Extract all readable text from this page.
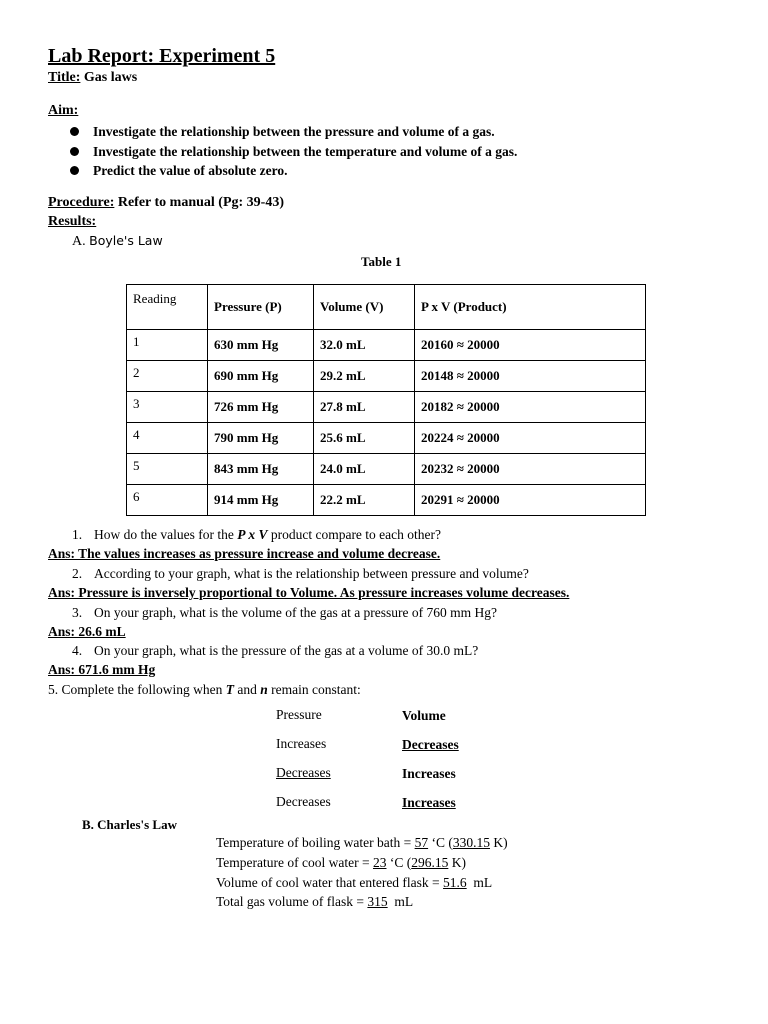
Lab Report: Experiment 5
Title: Gas laws
Aim:
Investigate the relationship between the pressure and volume of a gas.
Investigate the relationship between the temperature and volume of a gas.
Predict the value of absolute zero.
Procedure: Refer to manual (Pg: 39-43)
Results:
A. Boyle's Law
Table 1
Reading	Pressure (P)	Volume (V)	P x V (Product)
1	630 mm Hg	32.0 mL	20160 ≈ 20000
2	690 mm Hg	29.2 mL	20148 ≈ 20000
3	726 mm Hg	27.8 mL	20182 ≈ 20000
4	790 mm Hg	25.6 mL	20224 ≈ 20000
5	843 mm Hg	24.0 mL	20232 ≈ 20000
6	914 mm Hg	22.2 mL	20291 ≈ 20000
1. How do the values for the P x V product compare to each other?
Ans: The values increases as pressure increase and volume decrease.
2. According to your graph, what is the relationship between pressure and volume?
Ans: Pressure is inversely proportional to Volume. As pressure increases volume decreases.
3. On your graph, what is the volume of the gas at a pressure of 760 mm Hg?
Ans: 26.6 mL
4. On your graph, what is the pressure of the gas at a volume of 30.0 mL?
Ans: 671.6 mm Hg
5. Complete the following when T and n remain constant:
Pressure	Volume
Increases	Decreases
Decreases	Increases
Decreases	Increases
B. Charles's Law
Temperature of boiling water bath = 57 ‘C (330.15 K)
Temperature of cool water = 23 ‘C (296.15 K)
Volume of cool water that entered flask = 51.6  mL
Total gas volume of flask = 315  mL
